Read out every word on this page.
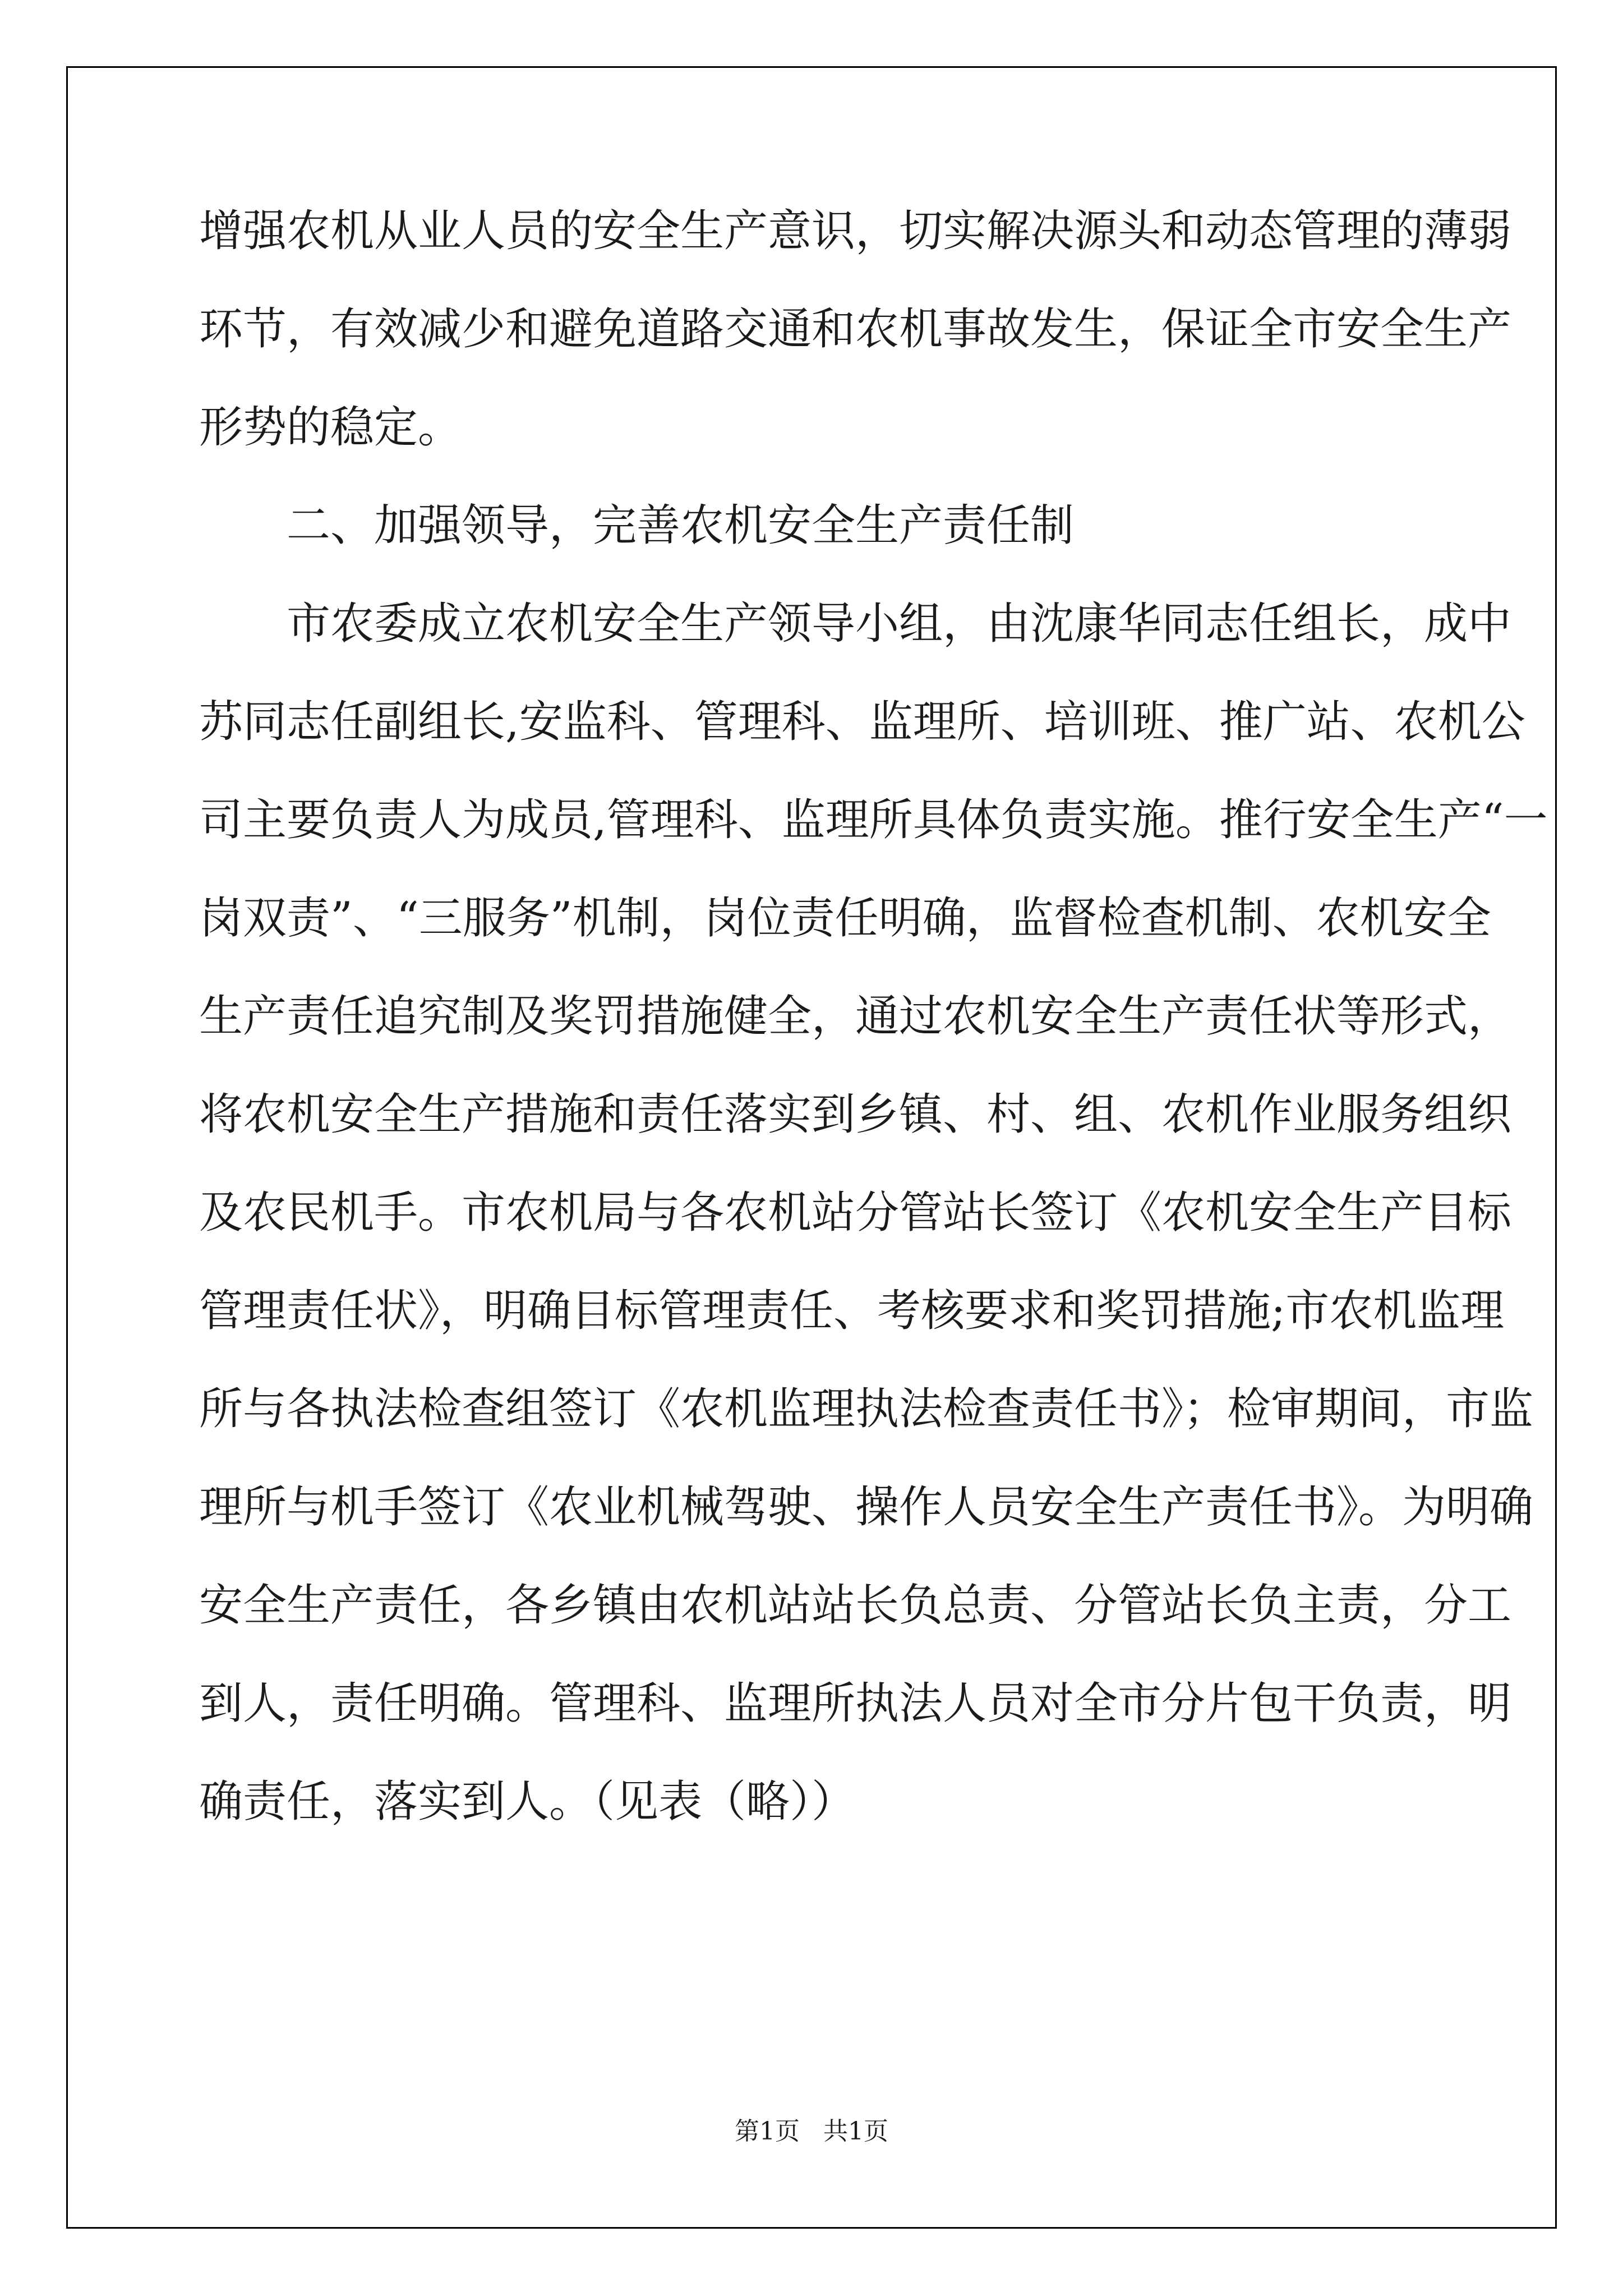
增强农机从业人员的安全生产意识，切实解决源头和动态管理的薄弱
环节，有效减少和避免道路交通和农机事故发生，保证全市安全生产
形势的稳定。
二、加强领导，完善农机安全生产责任制
市农委成立农机安全生产领导小组，由沈康华同志任组长，成中
苏同志任副组长,安监科、管理科、监理所、培训班、推广站、农机公
司主要负责人为成员,管理科、监理所具体负责实施。推行安全生产“一
岗双责”、“三服务”机制，岗位责任明确，监督检查机制、农机安全
生产责任追究制及奖罚措施健全，通过农机安全生产责任状等形式，
将农机安全生产措施和责任落实到乡镇、村、组、农机作业服务组织
及农民机手。市农机局与各农机站分管站长签订《农机安全生产目标
管理责任状》，明确目标管理责任、考核要求和奖罚措施;市农机监理
所与各执法检查组签订《农机监理执法检查责任书》；检审期间，市监
理所与机手签订《农业机械驾驶、操作人员安全生产责任书》。为明确
安全生产责任，各乡镇由农机站站长负总责、分管站长负主责，分工
到人，责任明确。管理科、监理所执法人员对全市分片包干负责，明
确责任，落实到人。（见表（略））
第1页 共1页
